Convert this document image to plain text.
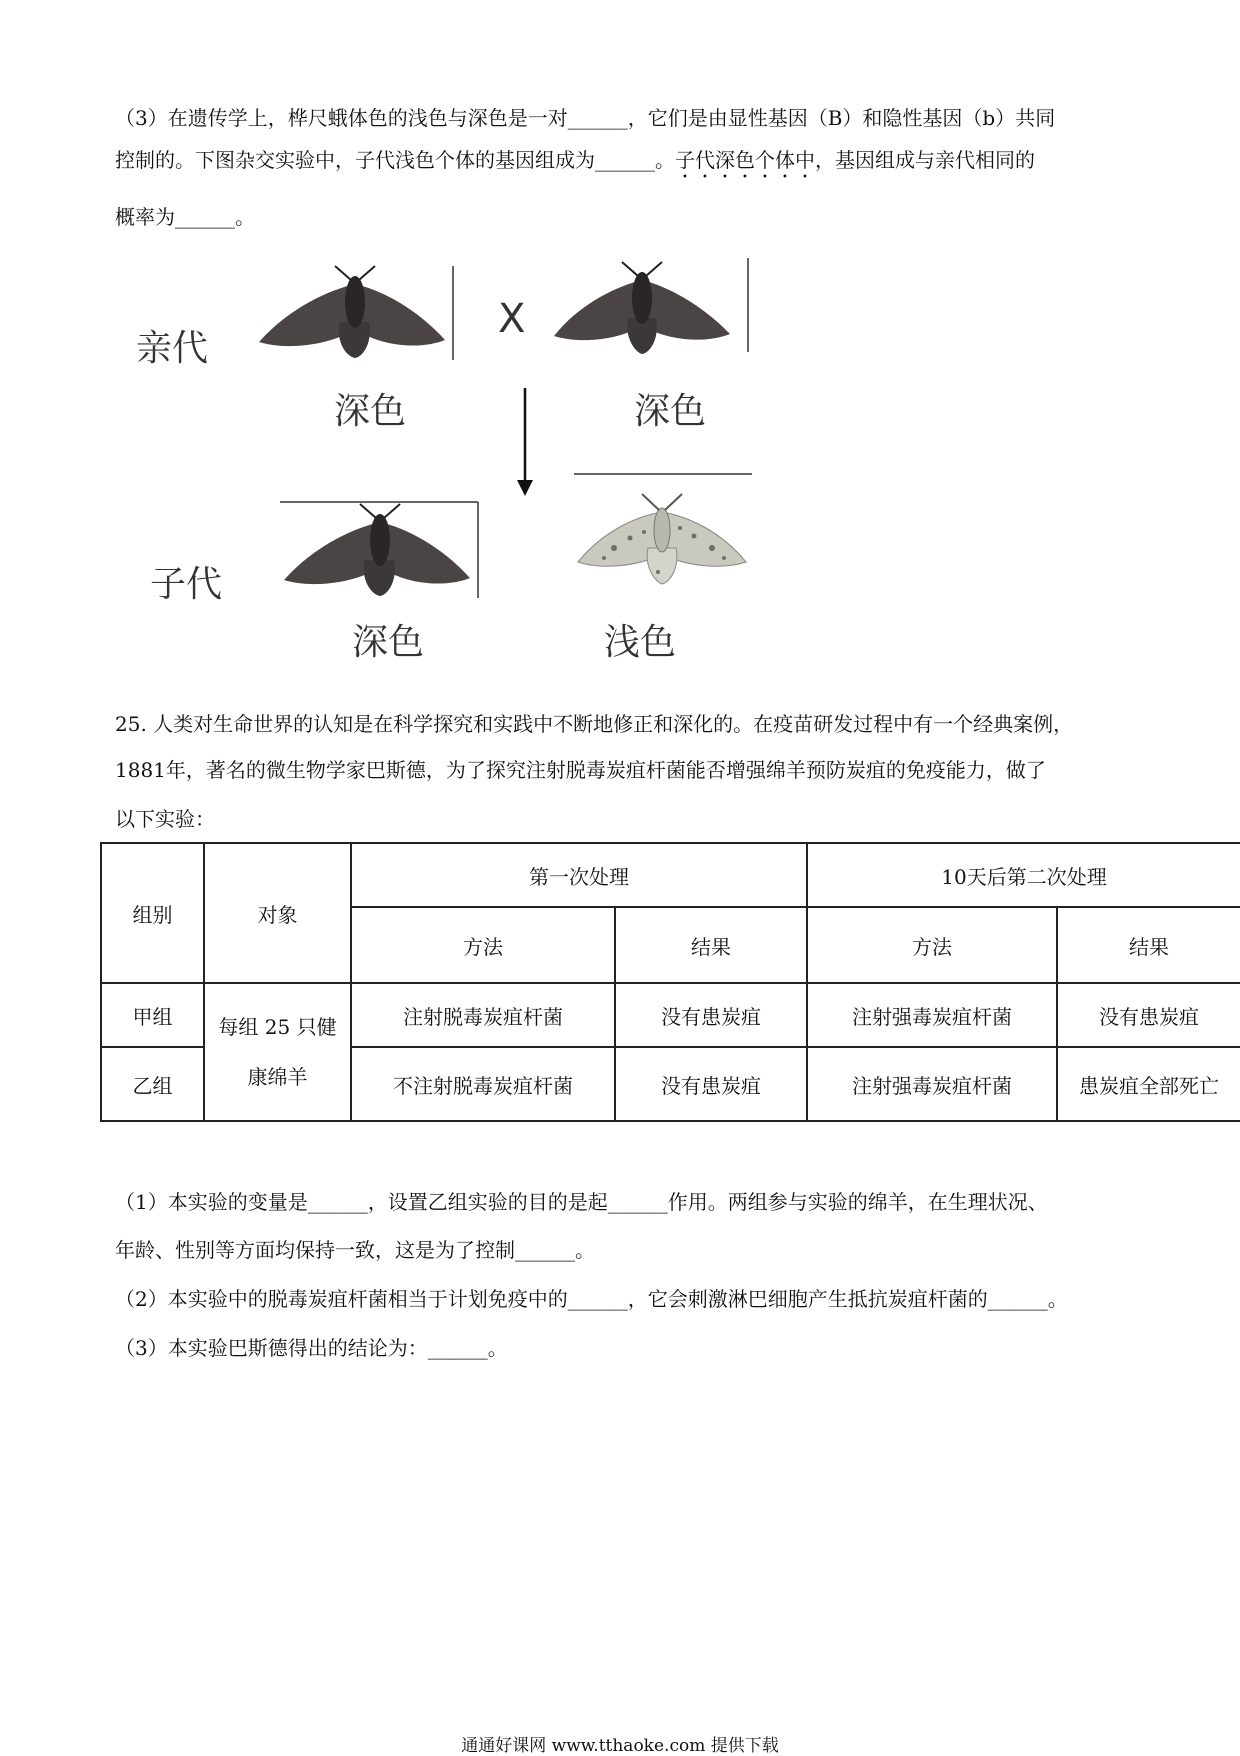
（3）在遗传学上，桦尺蛾体色的浅色与深色是一对______，它们是由显性基因（B）和隐性基因（b）共同
控制的。下图杂交实验中，子代浅色个体的基因组成为______。子代深色个体中，基因组成与亲代相同的
概率为______。
亲代
X
子代
深色	深色
深色	浅色
25. 人类对生命世界的认知是在科学探究和实践中不断地修正和深化的。在疫苗研发过程中有一个经典案例，
1881年，著名的微生物学家巴斯德，为了探究注射脱毒炭疽杆菌能否增强绵羊预防炭疽的免疫能力，做了
以下实验：
组别	对象	第一次处理		10天后第二次处理	
		方法	结果	方法	结果
甲组	每组 25 只健
康绵羊	注射脱毒炭疽杆菌	没有患炭疽	注射强毒炭疽杆菌	没有患炭疽
乙组		不注射脱毒炭疽杆菌	没有患炭疽	注射强毒炭疽杆菌	患炭疽全部死亡
（1）本实验的变量是______，设置乙组实验的目的是起______作用。两组参与实验的绵羊，在生理状况、
年龄、性别等方面均保持一致，这是为了控制______。
（2）本实验中的脱毒炭疽杆菌相当于计划免疫中的______，它会刺激淋巴细胞产生抵抗炭疽杆菌的______。
（3）本实验巴斯德得出的结论为：______。
通通好课网 www.tthaoke.com 提供下载
